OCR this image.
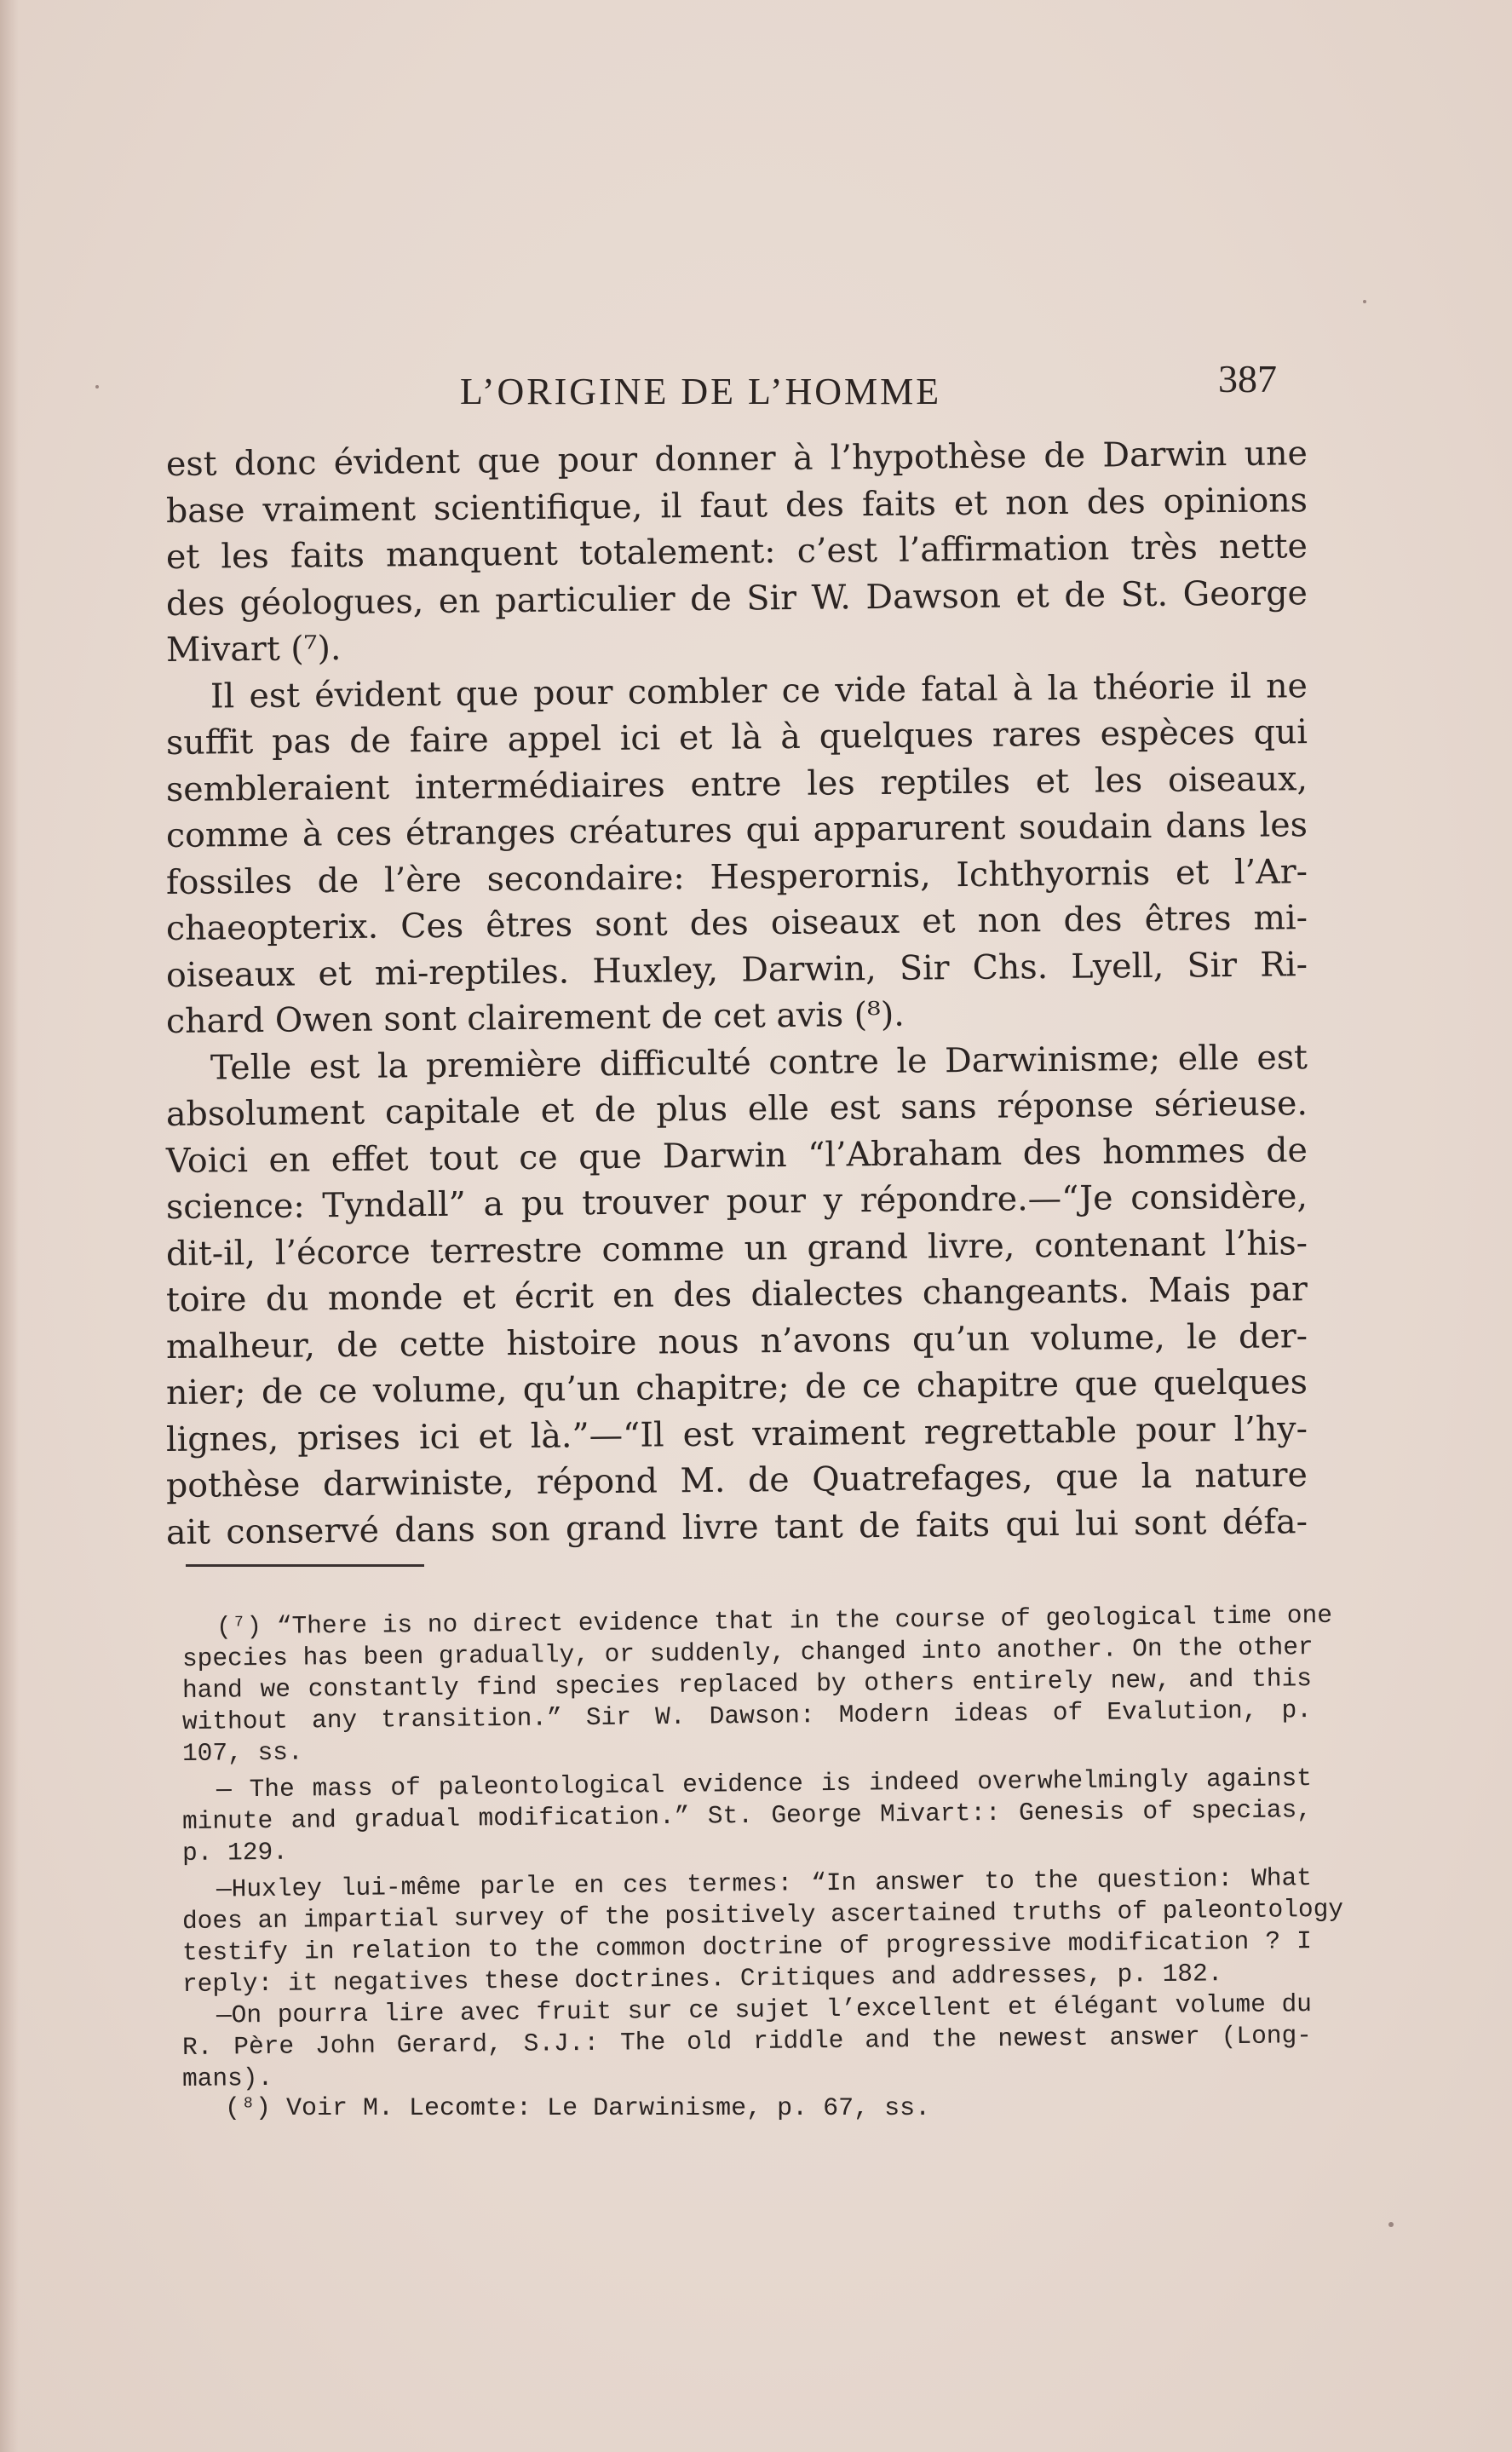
L’ORIGINE DE L’HOMME	387
est donc évident que pour donner à l’hypothèse de Darwin une
base vraiment scientifique, il faut des faits et non des opinions
et les faits manquent totalement: c’est l’affirmation très nette
des géologues, en particulier de Sir W. Dawson et de St. George
Mivart (⁷).
Il est évident que pour combler ce vide fatal à la théorie il ne
suffit pas de faire appel ici et là à quelques rares espèces qui
sembleraient intermédiaires entre les reptiles et les oiseaux,
comme à ces étranges créatures qui apparurent soudain dans les
fossiles de l’ère secondaire: Hesperornis, Ichthyornis et l’Ar-
chaeopterix. Ces êtres sont des oiseaux et non des êtres mi-
oiseaux et mi-reptiles. Huxley, Darwin, Sir Chs. Lyell, Sir Ri-
chard Owen sont clairement de cet avis (⁸).
Telle est la première difficulté contre le Darwinisme; elle est
absolument capitale et de plus elle est sans réponse sérieuse.
Voici en effet tout ce que Darwin “l’Abraham des hommes de
science: Tyndall” a pu trouver pour y répondre.—“Je considère,
dit-il, l’écorce terrestre comme un grand livre, contenant l’his-
toire du monde et écrit en des dialectes changeants. Mais par
malheur, de cette histoire nous n’avons qu’un volume, le der-
nier; de ce volume, qu’un chapitre; de ce chapitre que quelques
lignes, prises ici et là.”—“Il est vraiment regrettable pour l’hy-
pothèse darwiniste, répond M. de Quatrefages, que la nature
ait conservé dans son grand livre tant de faits qui lui sont défa-
(⁷) “There is no direct evidence that in the course of geological time one
species has been gradually, or suddenly, changed into another. On the other
hand we constantly find species replaced by others entirely new, and this
without any transition.” Sir W. Dawson: Modern ideas of Evalution, p.
107, ss.
— The mass of paleontological evidence is indeed overwhelmingly against
minute and gradual modification.” St. George Mivart:: Genesis of specias,
p. 129.
—Huxley lui-même parle en ces termes: “In answer to the question: What
does an impartial survey of the positively ascertained truths of paleontology
testify in relation to the common doctrine of progressive modification ? I
reply: it negatives these doctrines. Critiques and addresses, p. 182.
—On pourra lire avec fruit sur ce sujet l’excellent et élégant volume du
R. Père John Gerard, S.J.: The old riddle and the newest answer (Long-
mans).
(⁸) Voir M. Lecomte: Le Darwinisme, p. 67, ss.
